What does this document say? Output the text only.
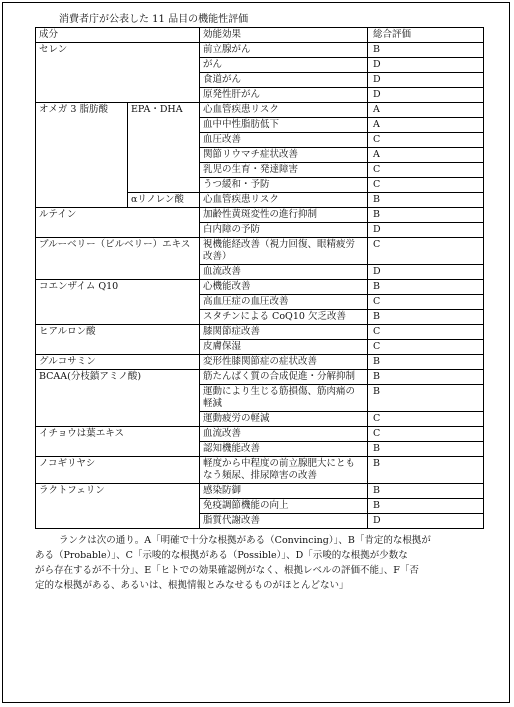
消費者庁が公表した 11 品目の機能性評価
成分		効能効果	総合評価
セレン		前立腺がん	B
		がん	D
		食道がん	D
		原発性肝がん	D
オメガ 3 脂肪酸	EPA・DHA	心血管疾患リスク	A
		血中中性脂肪低下	A
		血圧改善	C
		関節リウマチ症状改善	A
		乳児の生育・発達障害	C
		うつ緩和・予防	C
	αリノレン酸	心血管疾患リスク	B
ルテイン		加齢性黄斑変性の進行抑制	B
		白内障の予防	D
ブルーベリー（ビルベリー）エキス		視機能経改善（視力回復、眼精疲労改善）	C
		血流改善	D
コエンザイム Q10		心機能改善	B
		高血圧症の血圧改善	C
		スタチンによる CoQ10 欠乏改善	B
ヒアルロン酸		膝関節症改善	C
		皮膚保湿	C
グルコサミン		変形性膝関節症の症状改善	B
BCAA(分枝鎖アミノ酸)		筋たんぱく質の合成促進・分解抑制	B
		運動により生じる筋損傷、筋肉痛の軽減	B
		運動疲労の軽減	C
イチョウは葉エキス		血流改善	C
		認知機能改善	B
ノコギリヤシ		軽度から中程度の前立腺肥大にともなう頻尿、排尿障害の改善	B
ラクトフェリン		感染防御	B
		免疫調節機能の向上	B
		脂質代謝改善	D
ランクは次の通り。A「明確で十分な根拠がある（Convincing）」、B「肯定的な根拠が
ある（Probable）」、C「示唆的な根拠がある（Possible）」、D「示唆的な根拠が少数な
がら存在するが不十分」、E「ヒトでの効果確認例がなく、根拠レベルの評価不能」、F「否
定的な根拠がある、あるいは、根拠情報とみなせるものがほとんどない」
